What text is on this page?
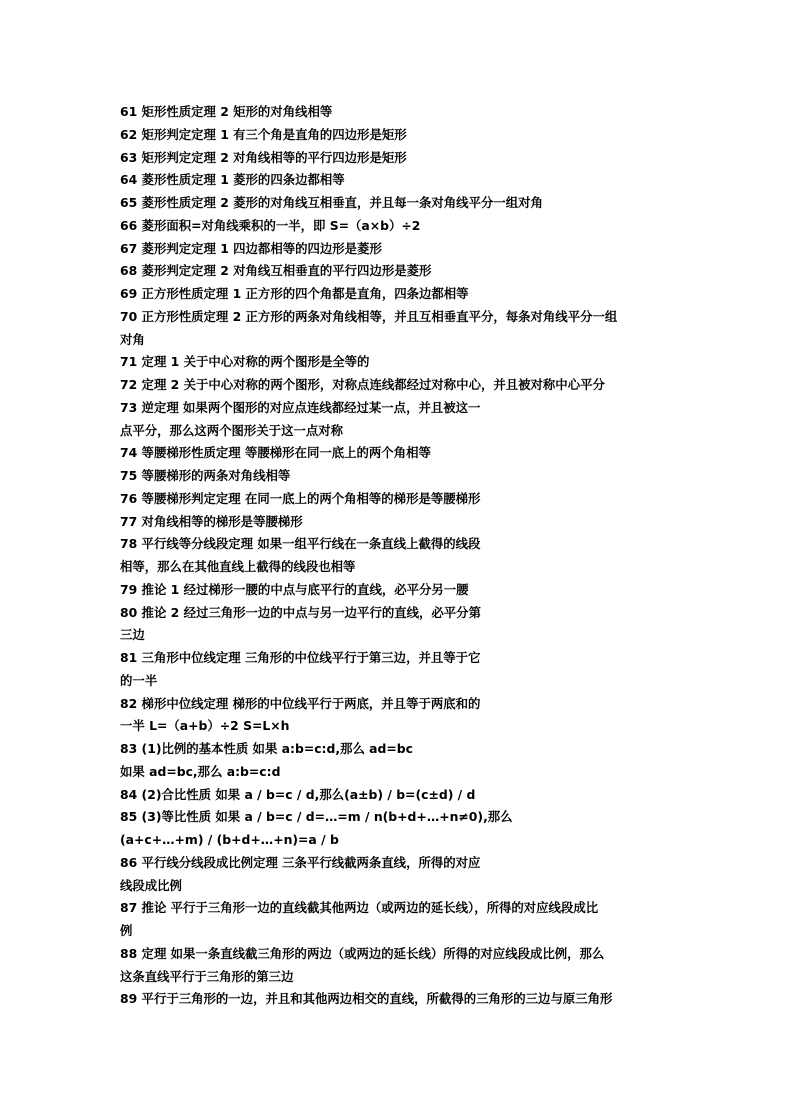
61 矩形性质定理 2 矩形的对角线相等
62 矩形判定定理 1 有三个角是直角的四边形是矩形
63 矩形判定定理 2 对角线相等的平行四边形是矩形
64 菱形性质定理 1 菱形的四条边都相等
65 菱形性质定理 2 菱形的对角线互相垂直，并且每一条对角线平分一组对角
66 菱形面积=对角线乘积的一半，即 S=（a×b）÷2
67 菱形判定定理 1 四边都相等的四边形是菱形
68 菱形判定定理 2 对角线互相垂直的平行四边形是菱形
69 正方形性质定理 1 正方形的四个角都是直角，四条边都相等
70 正方形性质定理 2 正方形的两条对角线相等，并且互相垂直平分，每条对角线平分一组
对角
71 定理 1 关于中心对称的两个图形是全等的
72 定理 2 关于中心对称的两个图形，对称点连线都经过对称中心，并且被对称中心平分
73 逆定理 如果两个图形的对应点连线都经过某一点，并且被这一
点平分，那么这两个图形关于这一点对称
74 等腰梯形性质定理 等腰梯形在同一底上的两个角相等
75 等腰梯形的两条对角线相等
76 等腰梯形判定定理 在同一底上的两个角相等的梯形是等腰梯形
77 对角线相等的梯形是等腰梯形
78 平行线等分线段定理 如果一组平行线在一条直线上截得的线段
相等，那么在其他直线上截得的线段也相等
79 推论 1 经过梯形一腰的中点与底平行的直线，必平分另一腰
80 推论 2 经过三角形一边的中点与另一边平行的直线，必平分第
三边
81 三角形中位线定理 三角形的中位线平行于第三边，并且等于它
的一半
82 梯形中位线定理 梯形的中位线平行于两底，并且等于两底和的
一半 L=（a+b）÷2 S=L×h
83 (1)比例的基本性质 如果 a:b=c:d,那么 ad=bc
如果 ad=bc,那么 a:b=c:d
84 (2)合比性质 如果 a / b=c / d,那么(a±b) / b=(c±d) / d
85 (3)等比性质 如果 a / b=c / d=…=m / n(b+d+…+n≠0),那么
(a+c+…+m) / (b+d+…+n)=a / b
86 平行线分线段成比例定理 三条平行线截两条直线，所得的对应
线段成比例
87 推论 平行于三角形一边的直线截其他两边（或两边的延长线），所得的对应线段成比
例
88 定理 如果一条直线截三角形的两边（或两边的延长线）所得的对应线段成比例，那么
这条直线平行于三角形的第三边
89 平行于三角形的一边，并且和其他两边相交的直线，所截得的三角形的三边与原三角形
